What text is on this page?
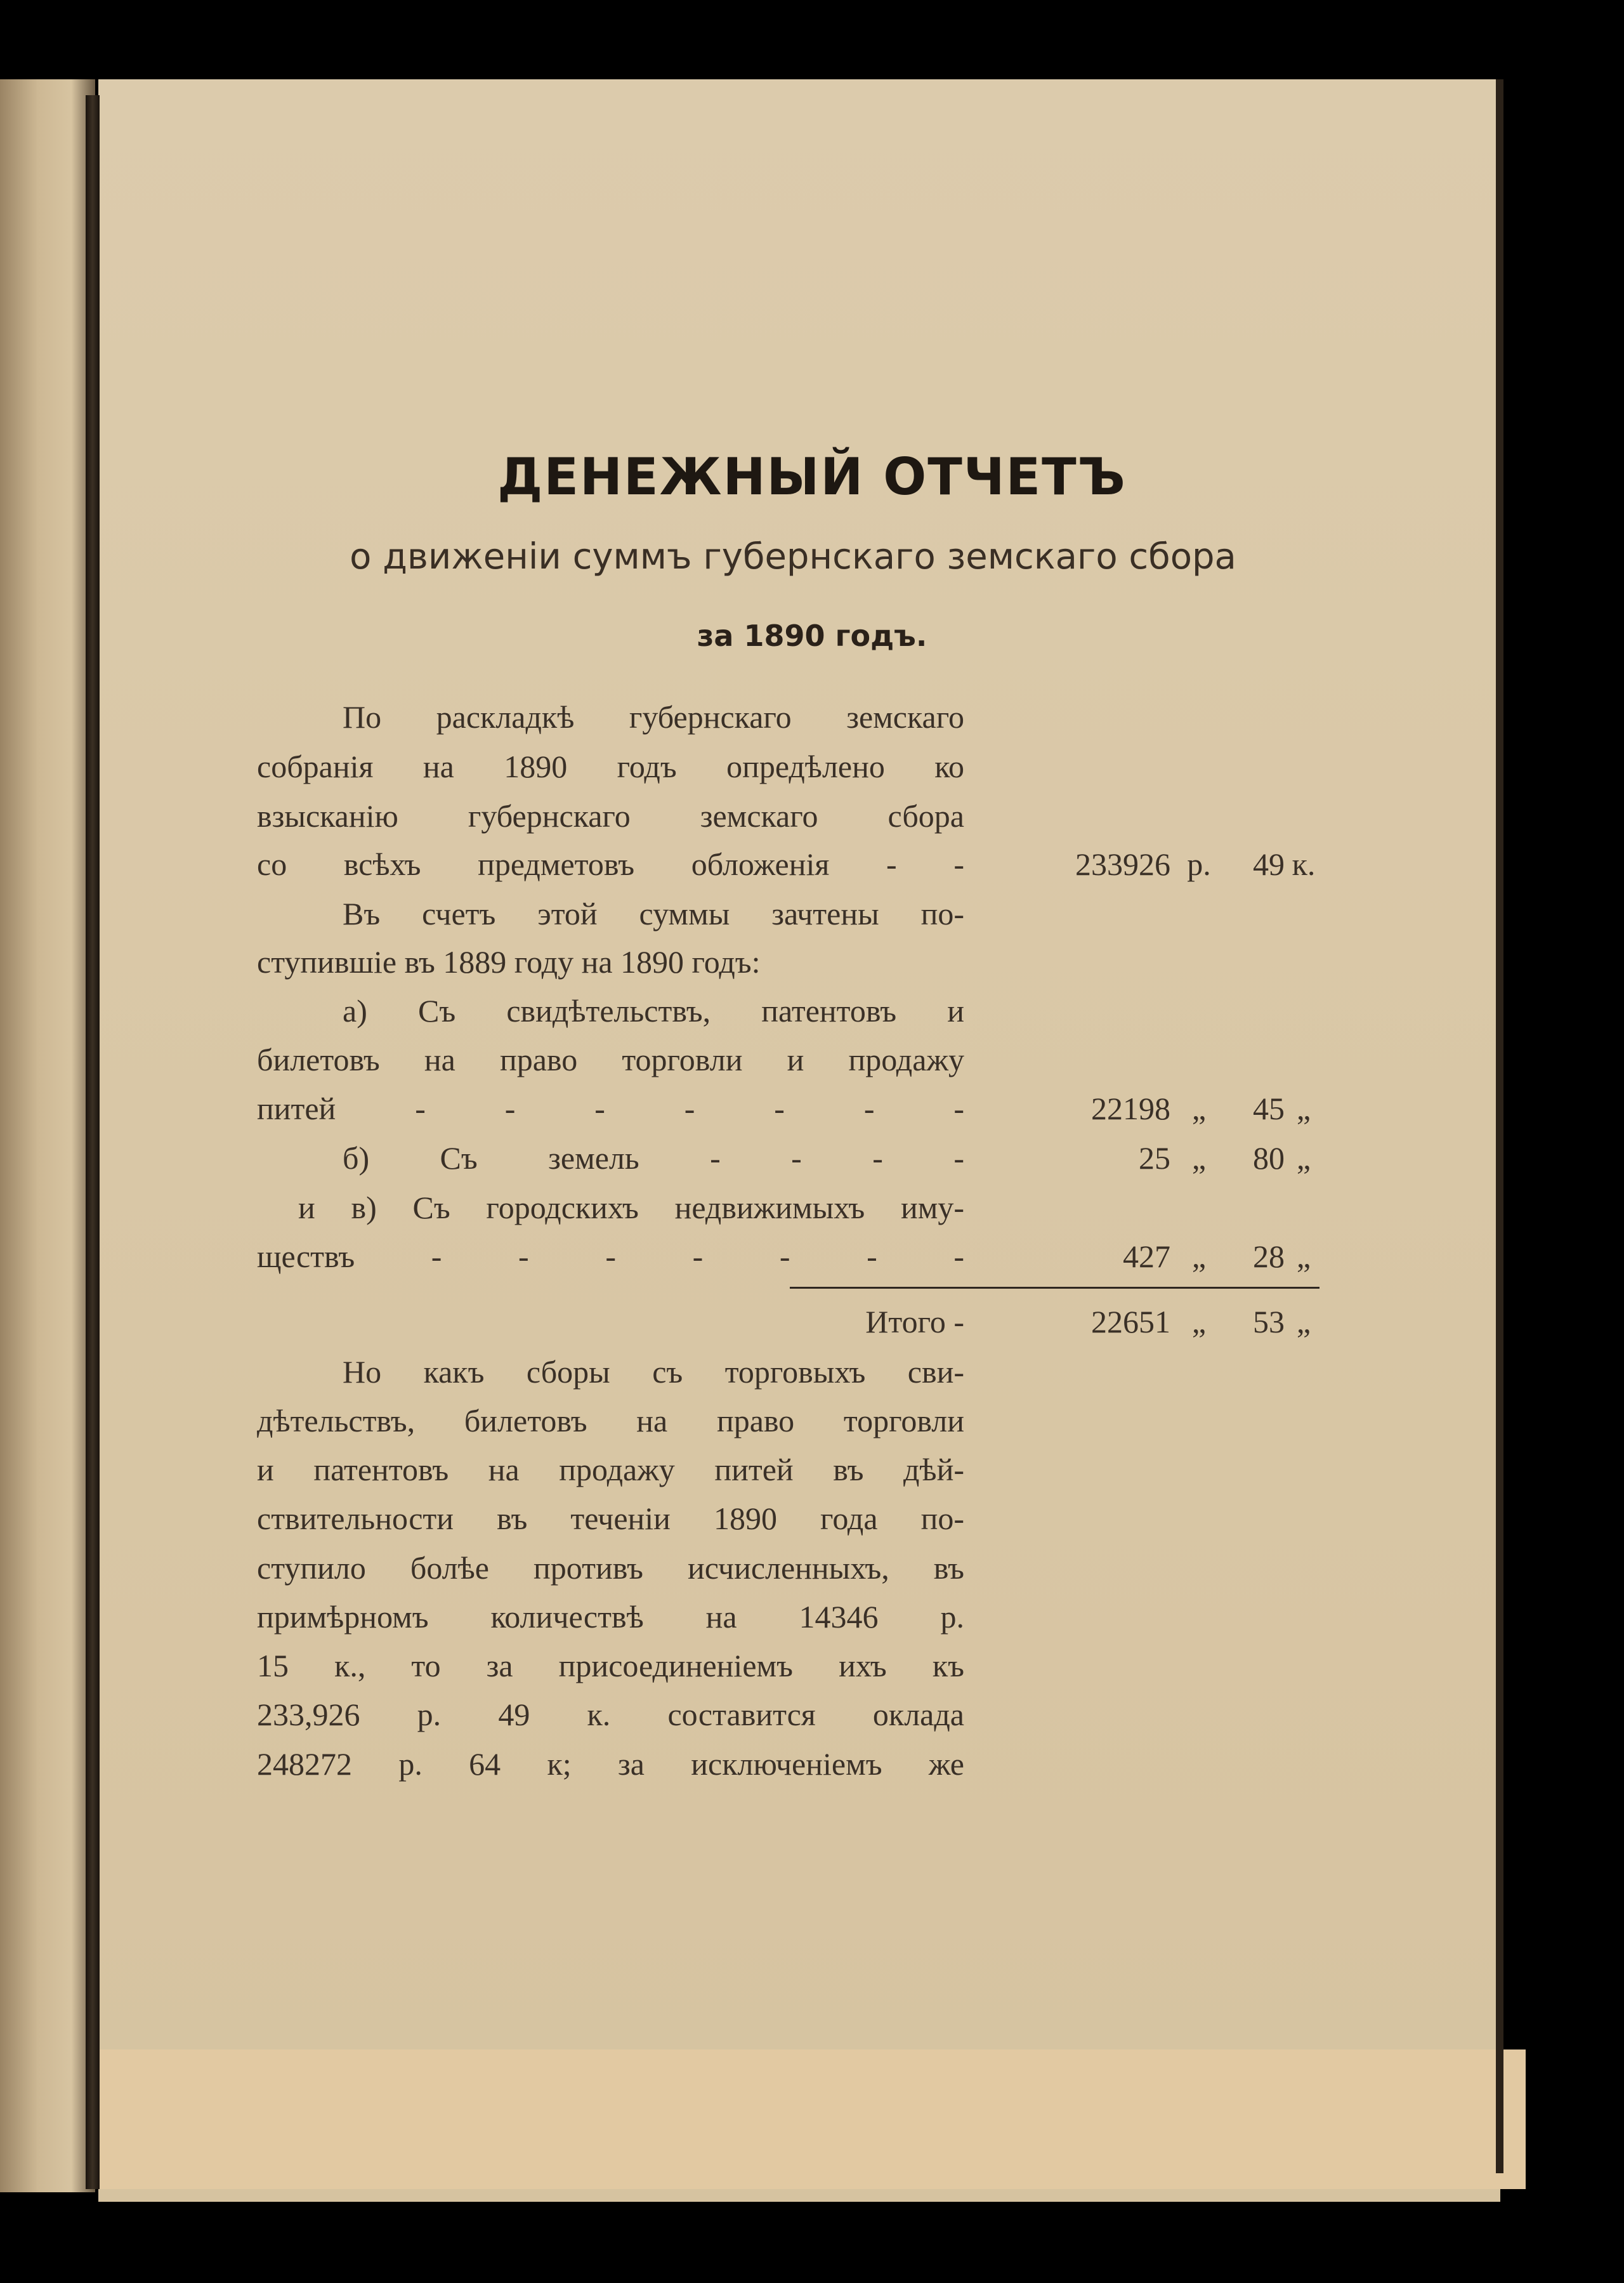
ДЕНЕЖНЫЙ ОТЧЕТЪ
о движеніи суммъ губернскаго земскаго сбора
за 1890 годъ.
По раскладкѣ губернскаго земскаго
собранія на 1890 годъ опредѣлено ко
взысканію губернскаго земскаго сбора
со всѣхъ предметовъ обложенія - -	233926 р.	49 к.
Въ счетъ этой суммы зачтены по-
ступившіе въ 1889 году на 1890 годъ:
а) Съ свидѣтельствъ, патентовъ и
билетовъ на право торговли и продажу
питей - - - - - - -	22198 „	45 „
б) Съ земель - - - -	25 „	80 „
и в) Съ городскихъ недвижимыхъ иму-
ществъ - - - - - - -	427 „	28 „
Итого -	22651 „	53 „
Но какъ сборы съ торговыхъ сви-
дѣтельствъ, билетовъ на право торговли
и патентовъ на продажу питей въ дѣй-
ствительности въ теченіи 1890 года по-
ступило болѣе противъ исчисленныхъ, въ
примѣрномъ количествѣ на 14346 р.
15 к., то за присоединеніемъ ихъ къ
233,926 р. 49 к. составится оклада
248272 р. 64 к; за исключеніемъ же
